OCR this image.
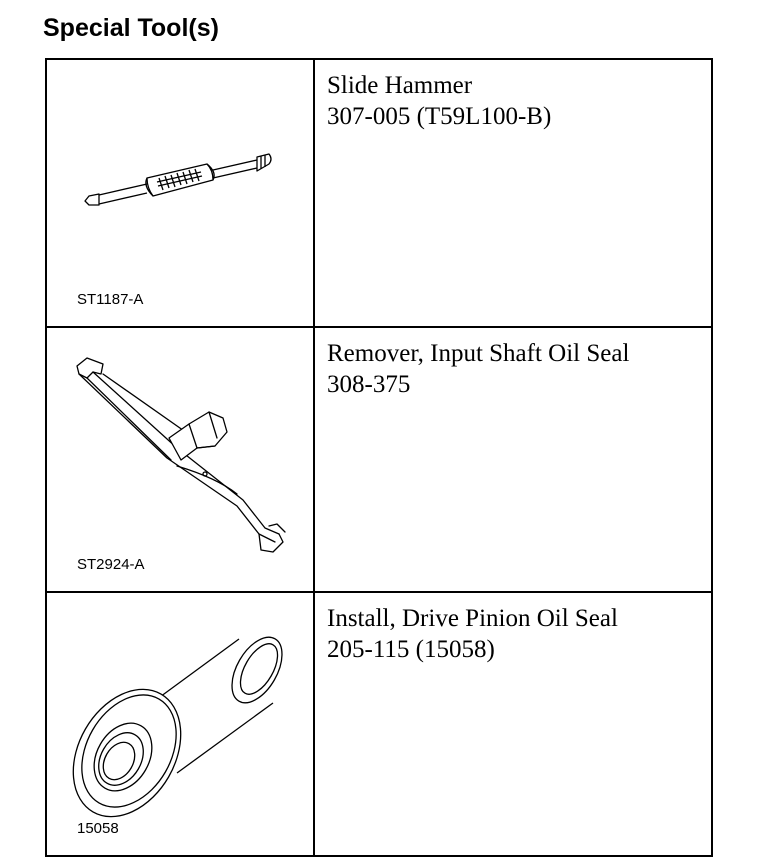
Special Tool(s)
ST1187-A	Slide Hammer
307-005 (T59L100-B)

ST2924-A	Remover, Input Shaft Oil Seal
308-375

15058	Install, Drive Pinion Oil Seal
205-115 (15058)
